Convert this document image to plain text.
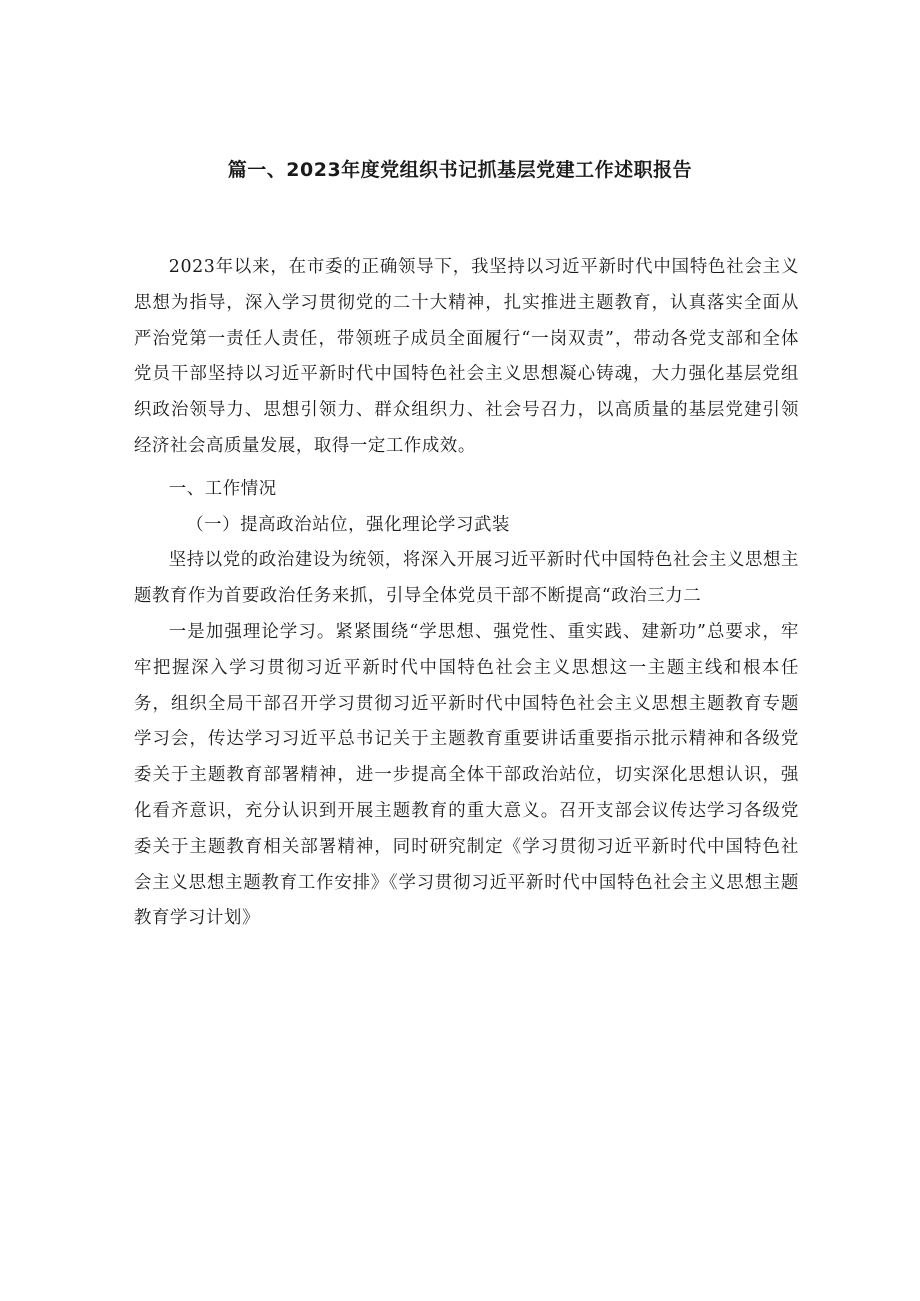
篇一、2023年度党组织书记抓基层党建工作述职报告

2023年以来，在市委的正确领导下，我坚持以习近平新时代中国特色社会主义思想为指导，深入学习贯彻党的二十大精神，扎实推进主题教育，认真落实全面从严治党第一责任人责任，带领班子成员全面履行“一岗双责”，带动各党支部和全体党员干部坚持以习近平新时代中国特色社会主义思想凝心铸魂，大力强化基层党组织政治领导力、思想引领力、群众组织力、社会号召力，以高质量的基层党建引领经济社会高质量发展，取得一定工作成效。

一、工作情况

（一）提高政治站位，强化理论学习武装

坚持以党的政治建设为统领，将深入开展习近平新时代中国特色社会主义思想主题教育作为首要政治任务来抓，引导全体党员干部不断提高“政治三力二

一是加强理论学习。紧紧围绕“学思想、强党性、重实践、建新功”总要求，牢牢把握深入学习贯彻习近平新时代中国特色社会主义思想这一主题主线和根本任务，组织全局干部召开学习贯彻习近平新时代中国特色社会主义思想主题教育专题学习会，传达学习习近平总书记关于主题教育重要讲话重要指示批示精神和各级党委关于主题教育部署精神，进一步提高全体干部政治站位，切实深化思想认识，强化看齐意识，充分认识到开展主题教育的重大意义。召开支部会议传达学习各级党委关于主题教育相关部署精神，同时研究制定《学习贯彻习近平新时代中国特色社会主义思想主题教育工作安排》《学习贯彻习近平新时代中国特色社会主义思想主题教育学习计划》
